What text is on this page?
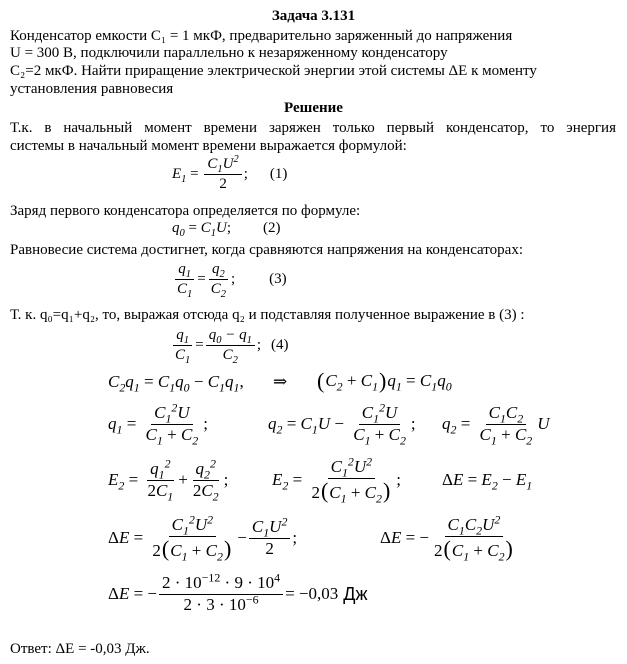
Задача 3.131
Конденсатор емкости C₁ = 1 мкФ, предварительно заряженный до напряжения
U = 300 В, подключили параллельно к незаряженному конденсатору
C₂=2 мкФ. Найти приращение электрической энергии этой системы ΔE к моменту
установления равновесия
Решение
Т.к. в начальный момент времени заряжен только первый конденсатор, то энергия
системы в начальный момент времени выражается формулой:
$E_1 = \frac{C_1U^2}{2}$ ; (1)
Заряд первого конденсатора определяется по формуле:
$q_0 = C_1U$ ; (2)
Равновесие система достигнет, когда сравняются напряжения на конденсаторах:
$\frac{q_1}{C_1} = \frac{q_2}{C_2}$ ; (3)
Т. к. q₀=q₁+q₂, то, выражая отсюда q₂ и подставляя полученное выражение в (3) :
$\frac{q_1}{C_1} = \frac{q_0 - q_1}{C_2}$ ; (4)
$C_2q_1 = C_1q_0 - C_1q_1$ , ⇒ ( $C_2 + C_1$ ) $q_1 = C_1q_0$
$q_1 = \frac{C_1^2U}{C_1 + C_2}$ ;	$q_2 = C_1U - \frac{C_1^2U}{C_1 + C_2}$ ; $q_2 = \frac{C_1C_2}{C_1 + C_2}$ U
$E_2 = \frac{q_1^2}{2C_1} + \frac{q_2^2}{2C_2}$ ;	$E_2 = \frac{C_1^2U^2}{2(C_1 + C_2)}$ ; Δ $E = E_2 - E_1$
Δ $E = \frac{C_1^2U^2}{2(C_1 + C_2)} - \frac{C_1U^2}{2}$ ;	Δ E = − $\frac{C_1C_2U^2}{2(C_1 + C_2)}$
Δ E = − $\frac{2 \cdot 10^{-12} \cdot 9 \cdot 10^4}{2 \cdot 3 \cdot 10^{-6}} = -0,03$ Дж
Ответ: ΔE = -0,03 Дж.
